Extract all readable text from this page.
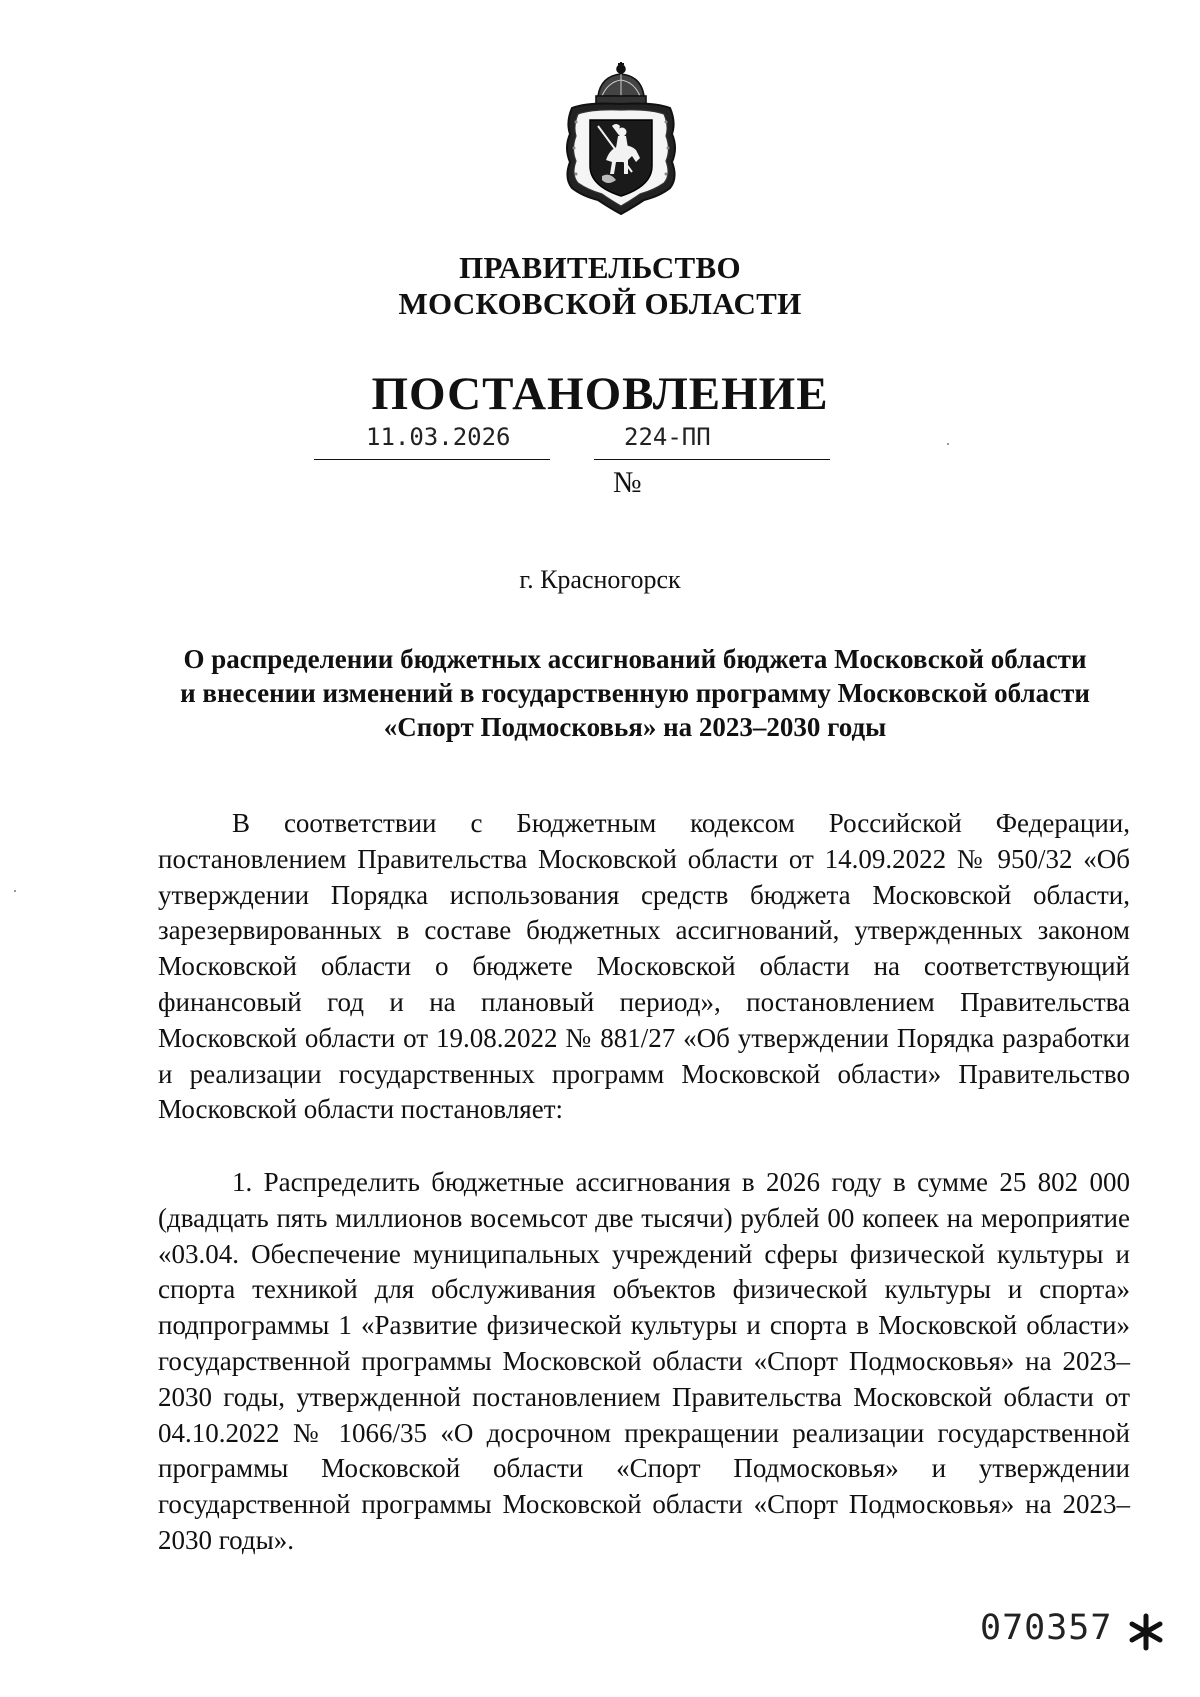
ПРАВИТЕЛЬСТВО
МОСКОВСКОЙ ОБЛАСТИ
ПОСТАНОВЛЕНИЕ
11.03.2026
№
224-ПП
г. Красногорск
О распределении бюджетных ассигнований бюджета Московской области
и внесении изменений в государственную программу Московской области
«Спорт Подмосковья» на 2023–2030 годы

В соответствии с Бюджетным кодексом Российской Федерации, постановлением Правительства Московской области от 14.09.2022 № 950/32 «Об утверждении Порядка использования средств бюджета Московской области, зарезервированных в составе бюджетных ассигнований, утвержденных законом Московской области о бюджете Московской области на соответствующий финансовый год и на плановый период», постановлением Правительства Московской области от 19.08.2022 № 881/27 «Об утверждении Порядка разработки и реализации государственных программ Московской области» Правительство Московской области постановляет:

1. Распределить бюджетные ассигнования в 2026 году в сумме 25 802 000 (двадцать пять миллионов восемьсот две тысячи) рублей 00 копеек на мероприятие «03.04. Обеспечение муниципальных учреждений сферы физической культуры и спорта техникой для обслуживания объектов физической культуры и спорта» подпрограммы 1 «Развитие физической культуры и спорта в Московской области» государственной программы Московской области «Спорт Подмосковья» на 2023–2030 годы, утвержденной постановлением Правительства Московской области от 04.10.2022 № 1066/35 «О досрочном прекращении реализации государственной программы Московской области «Спорт Подмосковья» и утверждении государственной программы Московской области «Спорт Подмосковья» на 2023–2030 годы».

070357
